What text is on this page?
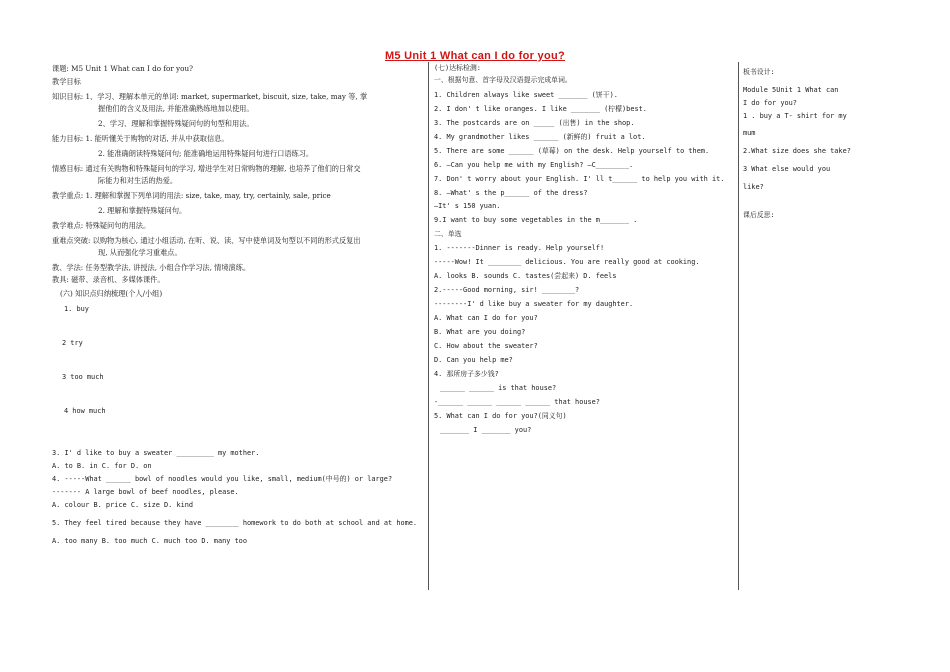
M5 Unit 1 What can I do for you?
课题: M5 Unit 1 What can I do for you?
教学目标
知识目标: 1、学习、理解本单元的单词: market, supermarket, biscuit, size, take, may 等, 掌
握他们的含义及用法, 并能准确熟练地加以使用。
2、学习、理解和掌握特殊疑问句的句型和用法。
能力目标: 1. 能听懂关于购物的对话, 并从中获取信息。
2. 能准确朗读特殊疑问句; 能准确地运用特殊疑问句进行口语练习。
情感目标: 通过有关购物和特殊疑问句的学习, 增进学生对日常购物的理解, 也培养了他们的日常交
际能力和对生活的热爱。
教学重点: 1. 理解和掌握下列单词的用法: size, take, may, try, certainly, sale, price
2. 理解和掌握特殊疑问句。
教学难点: 特殊疑问句的用法。
重难点突破: 以购物为核心, 通过小组活动, 在听、说、读、写中使单词及句型以不同的形式反复出
现, 从而强化学习重难点。
教、学法: 任务型教学法, 讲授法, 小组合作学习法, 情境演练。
教具: 磁带、录音机、多媒体课件。
(六) 知识点归纳梳理(个人/小组)
1. buy
2 try
3 too much
4 how much
3. I' d like to buy a sweater _________ my mother.
A. to B. in C. for D. on
4. -----What ______ bowl of noodles would you like, small, medium(中号的) or large?
------- A large bowl of beef noodles, please.
A. colour B. price C. size D. kind
5. They feel tired because they have ________ homework to do both at school and at home.
A. too many B. too much C. much too D. many too
(七)达标检测:
一、根据句意、首字母及汉语提示完成单词。
1. Children always like sweet _______ (饼干).
2. I don' t like oranges. I like _______ (柠檬)best.
3. The postcards are on _____ (出售) in the shop.
4. My grandmother likes ______ (新鲜的) fruit a lot.
5. There are some ______ (草莓) on the desk. Help yourself to them.
6. —Can you help me with my English? —C________.
7. Don' t worry about your English. I' ll t______ to help you with it.
8. —What' s the p______ of the dress?
—It' s 150 yuan.
9.I want to buy some vegetables in the m_______ .
二、单选
1. -------Dinner is ready. Help yourself!
-----Wow! It ________ delicious. You are really good at cooking.
A. looks B. sounds C. tastes(尝起来) D. feels
2.-----Good morning, sir! ________?
--------I' d like buy a sweater for my daughter.
A. What can I do for you?
B. What are you doing?
C. How about the sweater?
D. Can you help me?
4. 那所房子多少钱?
______ ______ is that house?
-______ ______ ______ ______ that house?
5. What can I do for you?(同义句)
_______ I _______ you?
板书设计:
Module 5Unit 1 What can
I do for you?
1 . buy a T- shirt for my
mum
2.What size does she take?
3 What else would you
like?
课后反思:
